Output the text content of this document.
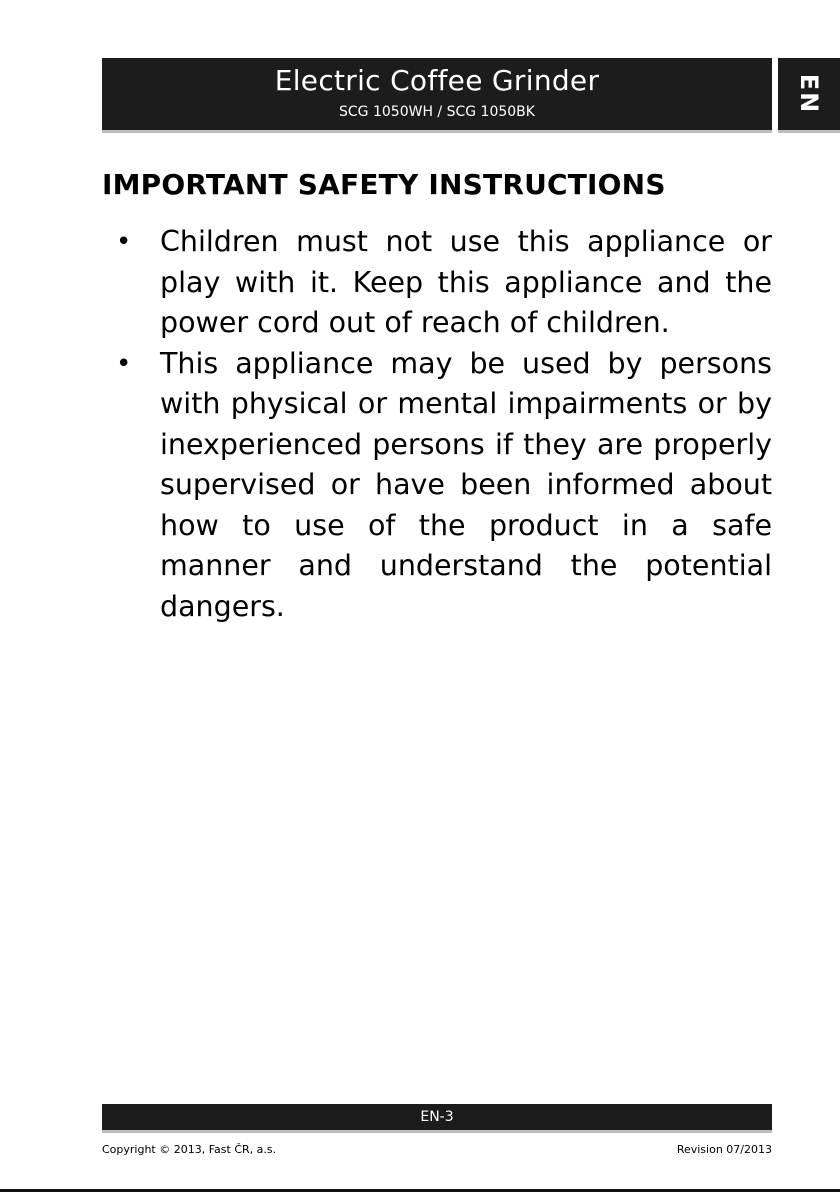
Electric Coffee Grinder
SCG 1050WH / SCG 1050BK	EN
IMPORTANT SAFETY INSTRUCTIONS
• Children must not use this appliance or play with it. Keep this appliance and the power cord out of reach of children.
• This appliance may be used by persons with physical or mental impairments or by inexperienced persons if they are properly supervised or have been informed about how to use of the product in a safe manner and understand the potential dangers.
EN-3
Copyright © 2013, Fast ČR, a.s.	Revision 07/2013
